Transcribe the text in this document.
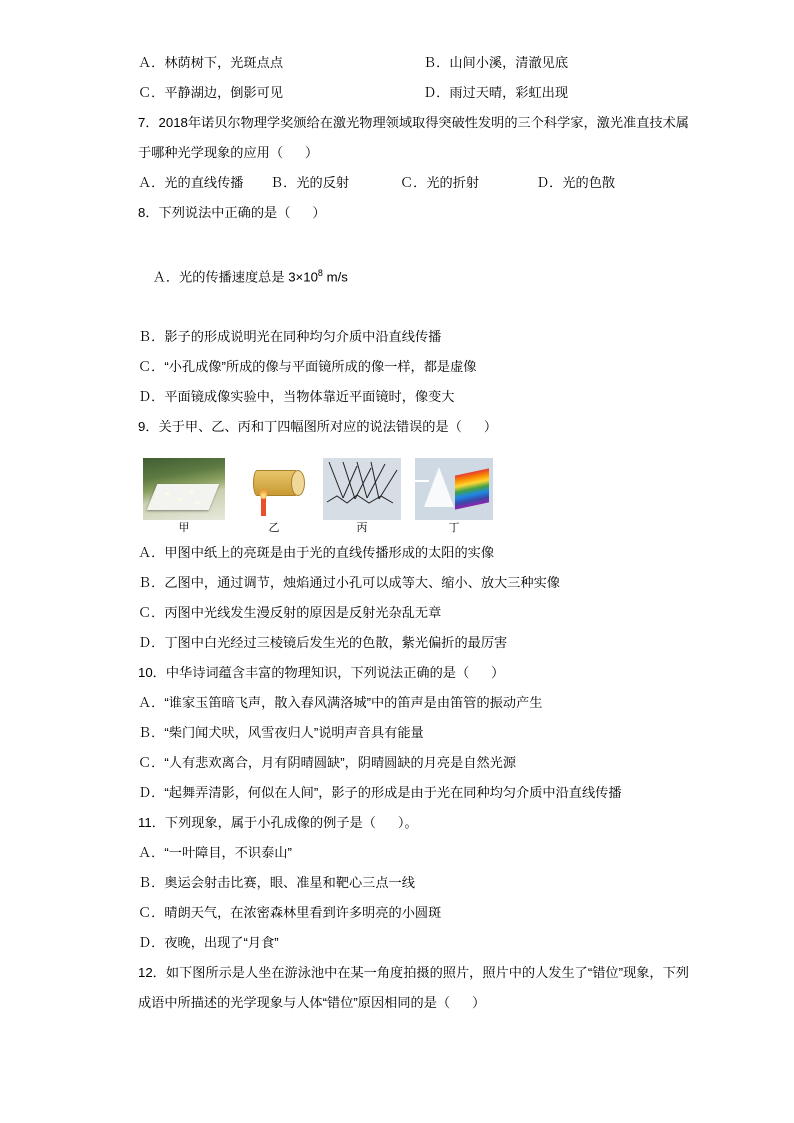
Ａ．林荫树下，光斑点点	Ｂ．山间小溪，清澈见底
Ｃ．平静湖边，倒影可见	Ｄ．雨过天晴，彩虹出现
7．2018年诺贝尔物理学奖颁给在激光物理领域取得突破性发明的三个科学家，激光准直技术属于哪种光学现象的应用（      ）
Ａ．光的直线传播	Ｂ．光的反射	Ｃ．光的折射	Ｄ．光的色散
8．下列说法中正确的是（      ）

Ａ．光的传播速度总是 $3\times 10^8$ m/s

Ｂ．影子的形成说明光在同种均匀介质中沿直线传播
Ｃ．“小孔成像”所成的像与平面镜所成的像一样，都是虚像
Ｄ．平面镜成像实验中，当物体靠近平面镜时，像变大
9．关于甲、乙、丙和丁四幅图所对应的说法错误的是（      ）
甲	乙	丙	丁
Ａ．甲图中纸上的亮斑是由于光的直线传播形成的太阳的实像
Ｂ．乙图中，通过调节，烛焰通过小孔可以成等大、缩小、放大三种实像
Ｃ．丙图中光线发生漫反射的原因是反射光杂乱无章
Ｄ．丁图中白光经过三棱镜后发生光的色散，紫光偏折的最厉害
10．中华诗词蕴含丰富的物理知识，下列说法正确的是（      ）
Ａ．“谁家玉笛暗飞声，散入春风满洛城”中的笛声是由笛管的振动产生
Ｂ．“柴门闻犬吠，风雪夜归人”说明声音具有能量
Ｃ．“人有悲欢离合，月有阴晴圆缺”，阴晴圆缺的月亮是自然光源
Ｄ．“起舞弄清影，何似在人间”，影子的形成是由于光在同种均匀介质中沿直线传播
11．下列现象，属于小孔成像的例子是（      ）。
Ａ．“一叶障目，不识泰山”
Ｂ．奥运会射击比赛，眼、准星和靶心三点一线
Ｃ．晴朗天气，在浓密森林里看到许多明亮的小圆斑
Ｄ．夜晚，出现了“月食”
12．如下图所示是人坐在游泳池中在某一角度拍摄的照片，照片中的人发生了“错位”现象，下列成语中所描述的光学现象与人体“错位”原因相同的是（      ）
